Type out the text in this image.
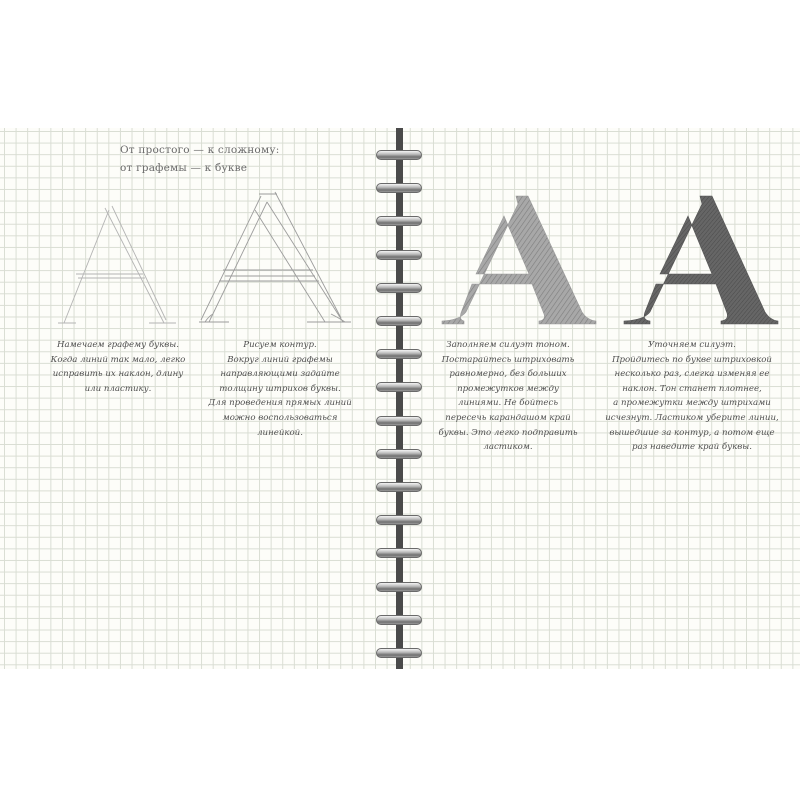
От простого — к сложному:
от графемы — к букве
Намечаем графему буквы.
Когда линий так мало, легко
исправить их наклон, длину
или пластику.
Рисуем контур.
Вокруг линий графемы
направляющими задайте
толщину штрихов буквы.
Для проведения прямых линий
можно воспользоваться
линейкой.
Заполняем силуэт тоном.
Постарайтесь штриховать
равномерно, без больших
промежутков между
линиями. Не бойтесь
пересечь карандашом край
буквы. Это легко подправить
ластиком.
Уточняем силуэт.
Пройдитесь по букве штриховкой
несколько раз, слегка изменяя ее
наклон. Тон станет плотнее,
а промежутки между штрихами
исчезнут. Ластиком уберите линии,
вышедшие за контур, а потом еще
раз наведите край буквы.
